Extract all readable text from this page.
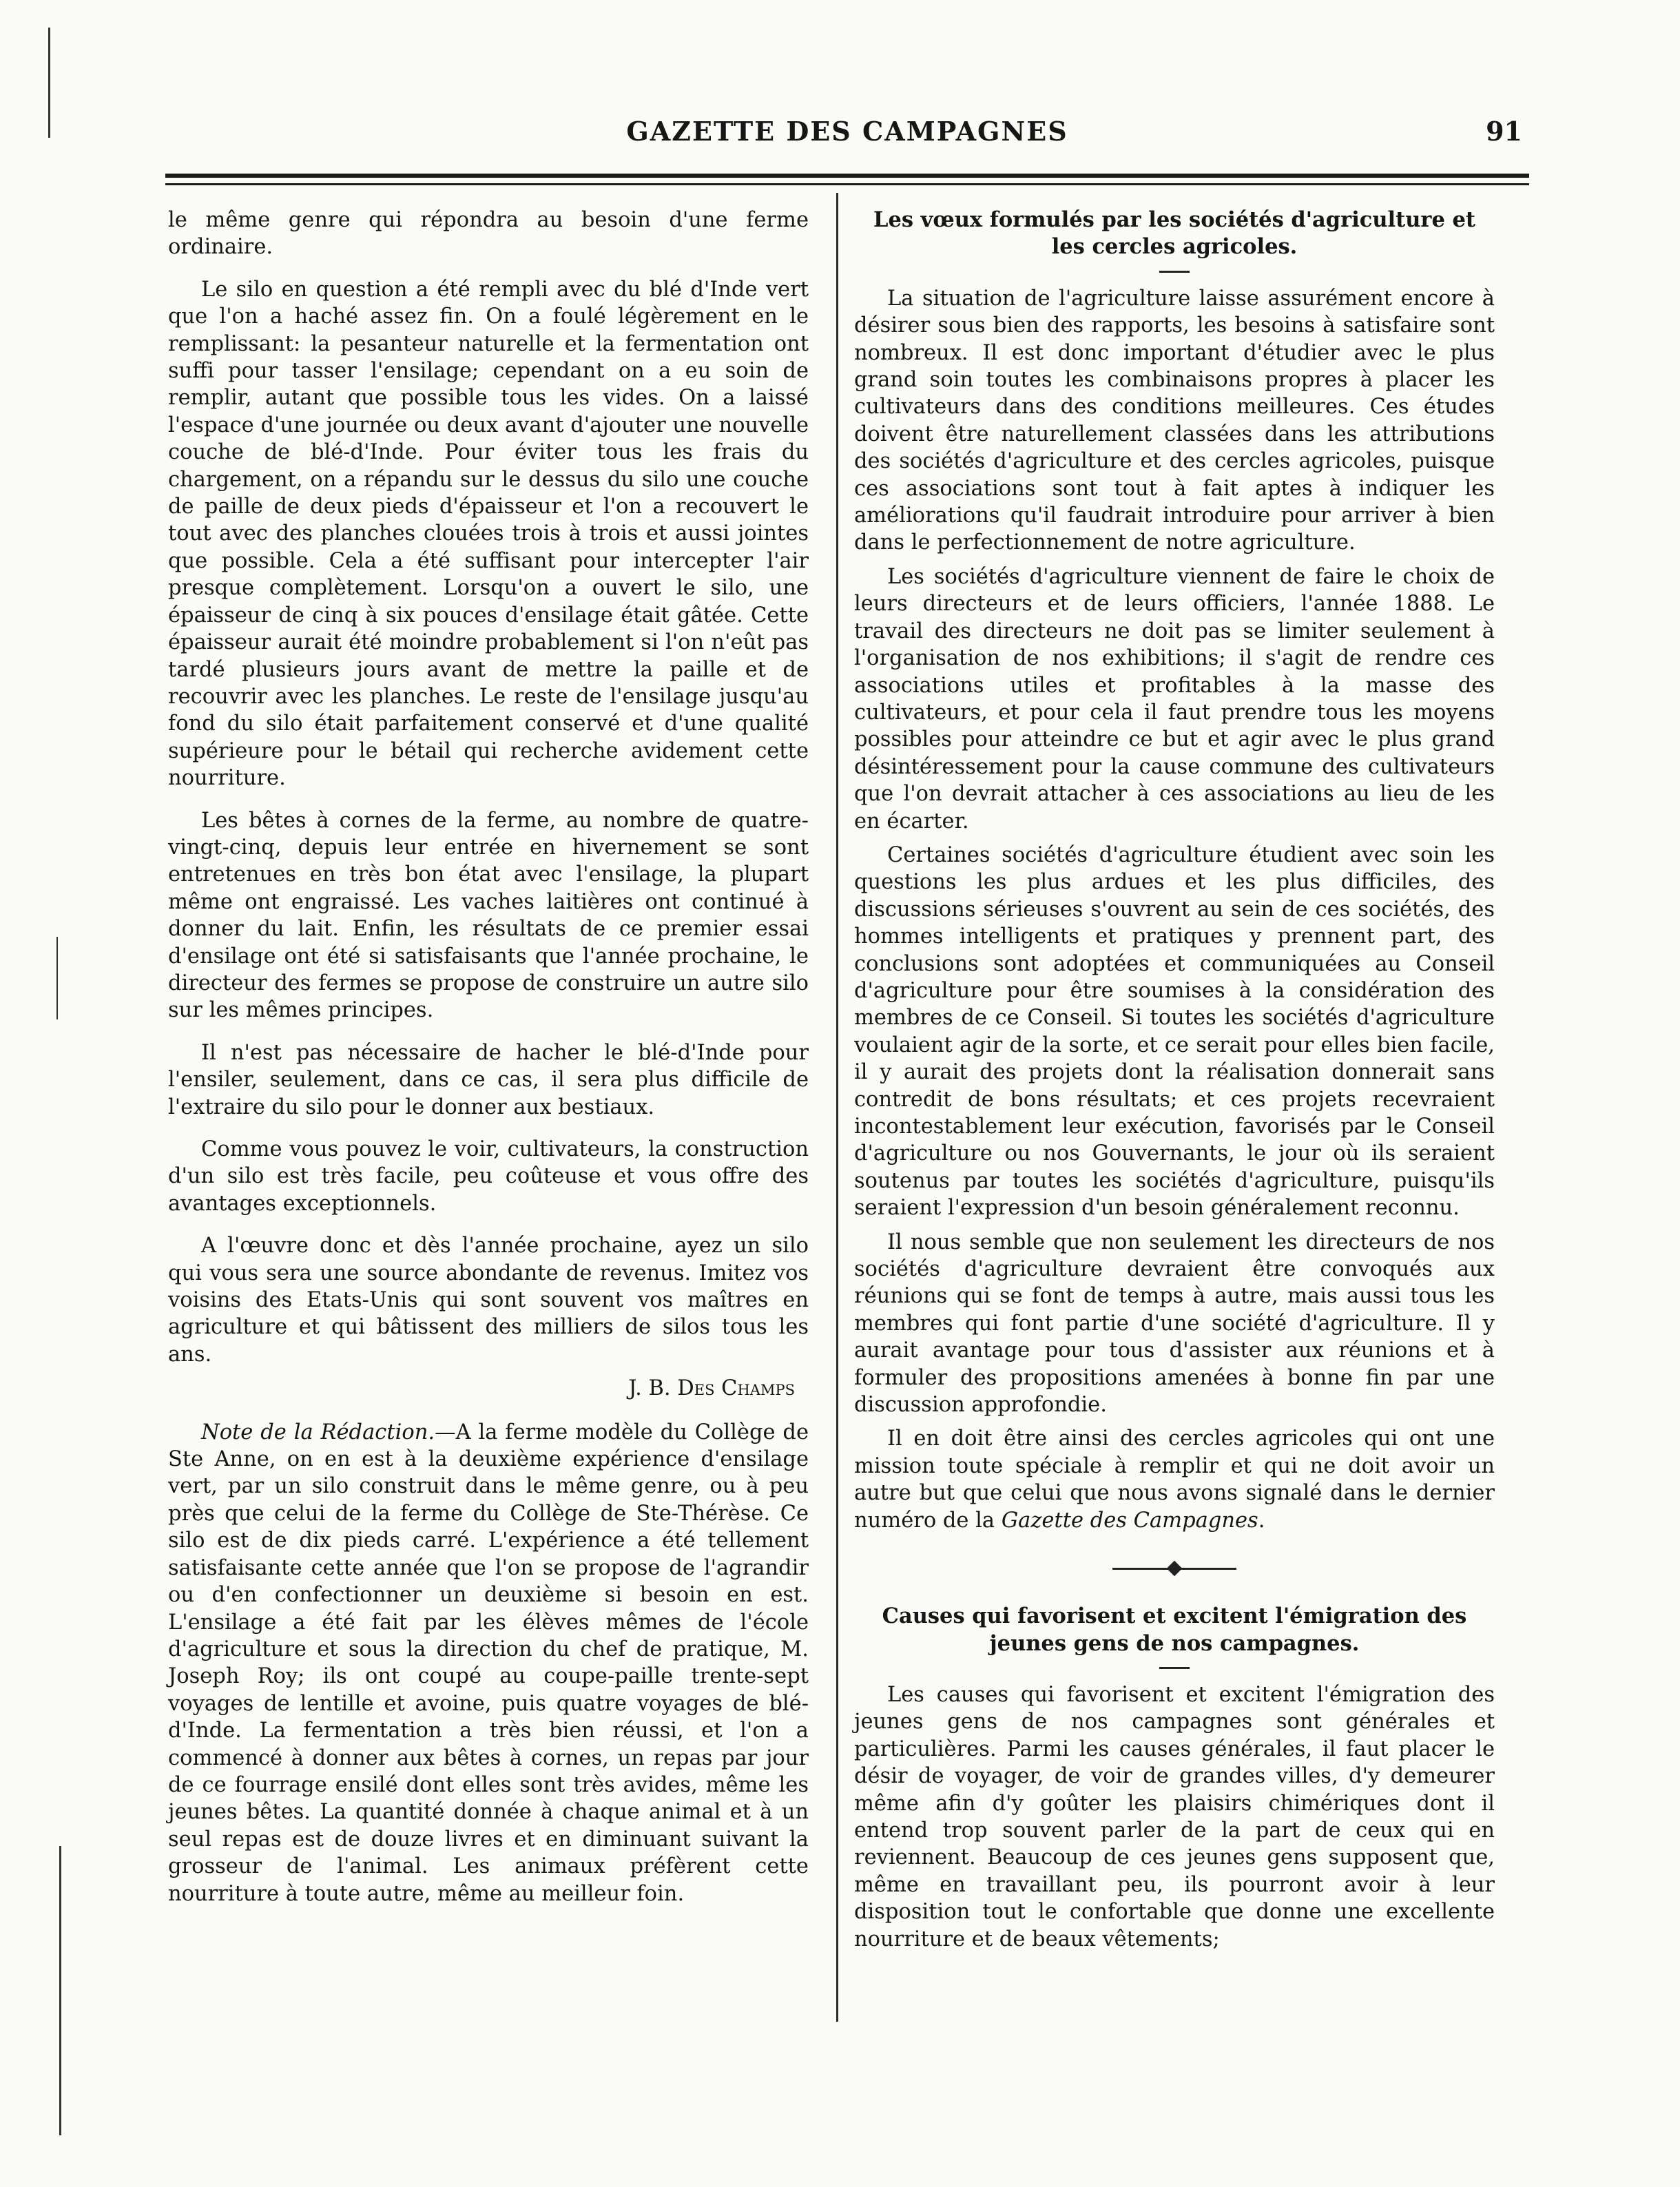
GAZETTE DES CAMPAGNES	91

le même genre qui répondra au besoin d'une ferme ordinaire.

Le silo en question a été rempli avec du blé d'Inde vert que l'on a haché assez fin. On a foulé légèrement en le remplissant: la pesanteur naturelle et la fermentation ont suffi pour tasser l'ensilage; cependant on a eu soin de remplir, autant que possible tous les vides. On a laissé l'espace d'une journée ou deux avant d'ajouter une nouvelle couche de blé-d'Inde. Pour éviter tous les frais du chargement, on a répandu sur le dessus du silo une couche de paille de deux pieds d'épaisseur et l'on a recouvert le tout avec des planches clouées trois à trois et aussi jointes que possible. Cela a été suffisant pour intercepter l'air presque complètement. Lorsqu'on a ouvert le silo, une épaisseur de cinq à six pouces d'ensilage était gâtée. Cette épaisseur aurait été moindre probablement si l'on n'eût pas tardé plusieurs jours avant de mettre la paille et de recouvrir avec les planches. Le reste de l'ensilage jusqu'au fond du silo était parfaitement conservé et d'une qualité supérieure pour le bétail qui recherche avidement cette nourriture.

Les bêtes à cornes de la ferme, au nombre de quatre-vingt-cinq, depuis leur entrée en hivernement se sont entretenues en très bon état avec l'ensilage, la plupart même ont engraissé. Les vaches laitières ont continué à donner du lait. Enfin, les résultats de ce premier essai d'ensilage ont été si satisfaisants que l'année prochaine, le directeur des fermes se propose de construire un autre silo sur les mêmes principes.

Il n'est pas nécessaire de hacher le blé-d'Inde pour l'ensiler, seulement, dans ce cas, il sera plus difficile de l'extraire du silo pour le donner aux bestiaux.

Comme vous pouvez le voir, cultivateurs, la construction d'un silo est très facile, peu coûteuse et vous offre des avantages exceptionnels.

A l'œuvre donc et dès l'année prochaine, ayez un silo qui vous sera une source abondante de revenus. Imitez vos voisins des Etats-Unis qui sont souvent vos maîtres en agriculture et qui bâtissent des milliers de silos tous les ans.

J. B. Des Champs

Note de la Rédaction.—A la ferme modèle du Collège de Ste Anne, on en est à la deuxième expérience d'ensilage vert, par un silo construit dans le même genre, ou à peu près que celui de la ferme du Collège de Ste-Thérèse. Ce silo est de dix pieds carré. L'expérience a été tellement satisfaisante cette année que l'on se propose de l'agrandir ou d'en confectionner un deuxième si besoin en est. L'ensilage a été fait par les élèves mêmes de l'école d'agriculture et sous la direction du chef de pratique, M. Joseph Roy; ils ont coupé au coupe-paille trente-sept voyages de lentille et avoine, puis quatre voyages de blé-d'Inde. La fermentation a très bien réussi, et l'on a commencé à donner aux bêtes à cornes, un repas par jour de ce fourrage ensilé dont elles sont très avides, même les jeunes bêtes. La quantité donnée à chaque animal et à un seul repas est de douze livres et en diminuant suivant la grosseur de l'animal. Les animaux préfèrent cette nourriture à toute autre, même au meilleur foin.

Les vœux formulés par les sociétés d'agriculture et les cercles agricoles.

La situation de l'agriculture laisse assurément encore à désirer sous bien des rapports, les besoins à satisfaire sont nombreux. Il est donc important d'étudier avec le plus grand soin toutes les combinaisons propres à placer les cultivateurs dans des conditions meilleures. Ces études doivent être naturellement classées dans les attributions des sociétés d'agriculture et des cercles agricoles, puisque ces associations sont tout à fait aptes à indiquer les améliorations qu'il faudrait introduire pour arriver à bien dans le perfectionnement de notre agriculture.

Les sociétés d'agriculture viennent de faire le choix de leurs directeurs et de leurs officiers, l'année 1888. Le travail des directeurs ne doit pas se limiter seulement à l'organisation de nos exhibitions; il s'agit de rendre ces associations utiles et profitables à la masse des cultivateurs, et pour cela il faut prendre tous les moyens possibles pour atteindre ce but et agir avec le plus grand désintéressement pour la cause commune des cultivateurs que l'on devrait attacher à ces associations au lieu de les en écarter.

Certaines sociétés d'agriculture étudient avec soin les questions les plus ardues et les plus difficiles, des discussions sérieuses s'ouvrent au sein de ces sociétés, des hommes intelligents et pratiques y prennent part, des conclusions sont adoptées et communiquées au Conseil d'agriculture pour être soumises à la considération des membres de ce Conseil. Si toutes les sociétés d'agriculture voulaient agir de la sorte, et ce serait pour elles bien facile, il y aurait des projets dont la réalisation donnerait sans contredit de bons résultats; et ces projets recevraient incontestablement leur exécution, favorisés par le Conseil d'agriculture ou nos Gouvernants, le jour où ils seraient soutenus par toutes les sociétés d'agriculture, puisqu'ils seraient l'expression d'un besoin généralement reconnu.

Il nous semble que non seulement les directeurs de nos sociétés d'agriculture devraient être convoqués aux réunions qui se font de temps à autre, mais aussi tous les membres qui font partie d'une société d'agriculture. Il y aurait avantage pour tous d'assister aux réunions et à formuler des propositions amenées à bonne fin par une discussion approfondie.

Il en doit être ainsi des cercles agricoles qui ont une mission toute spéciale à remplir et qui ne doit avoir un autre but que celui que nous avons signalé dans le dernier numéro de la Gazette des Campagnes.

Causes qui favorisent et excitent l'émigration des jeunes gens de nos campagnes.

Les causes qui favorisent et excitent l'émigration des jeunes gens de nos campagnes sont générales et particulières. Parmi les causes générales, il faut placer le désir de voyager, de voir de grandes villes, d'y demeurer même afin d'y goûter les plaisirs chimériques dont il entend trop souvent parler de la part de ceux qui en reviennent. Beaucoup de ces jeunes gens supposent que, même en travaillant peu, ils pourront avoir à leur disposition tout le confortable que donne une excellente nourriture et de beaux vêtements;
